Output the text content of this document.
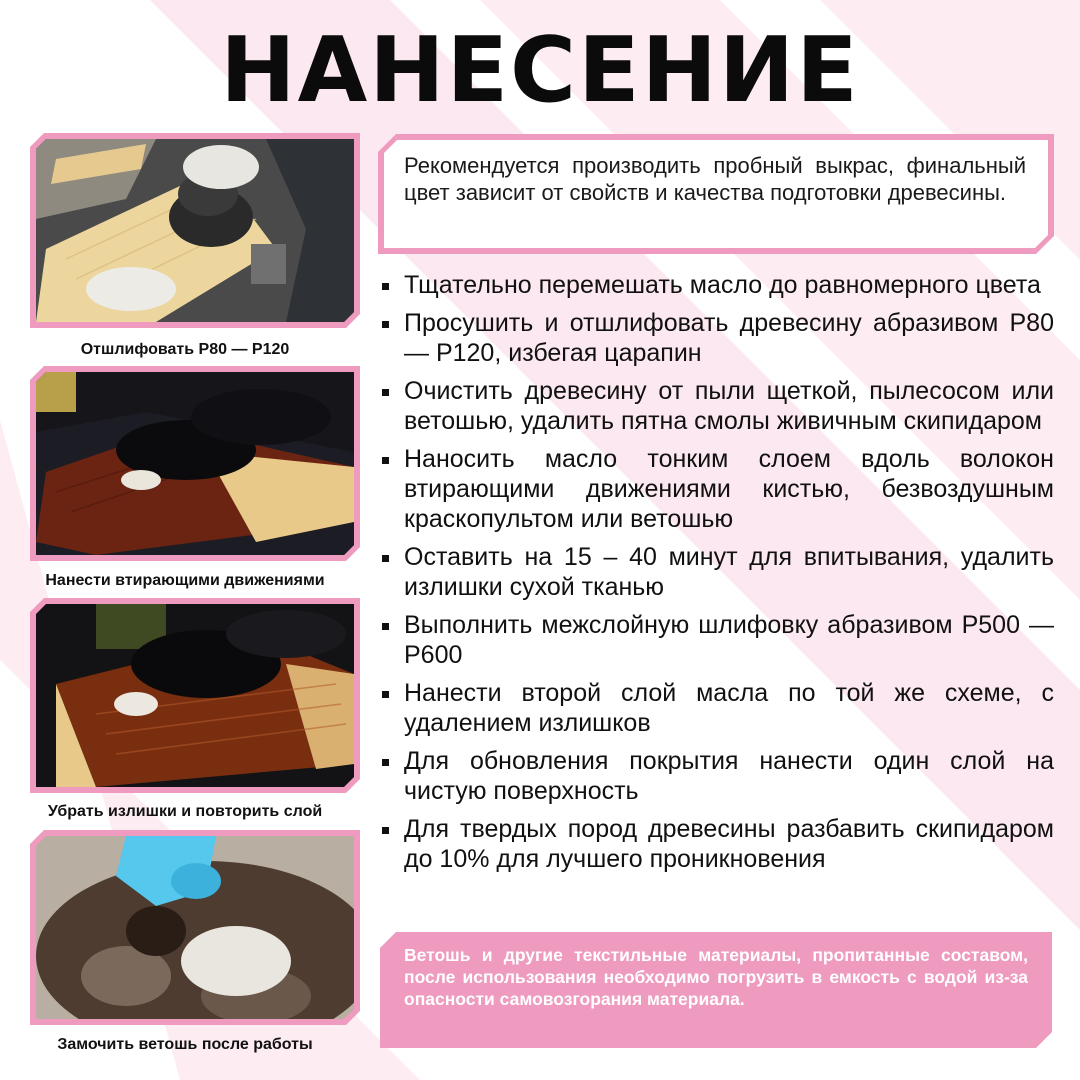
НАНЕСЕНИЕ
Отшлифовать Р80 — Р120
Нанести втирающими движениями
Убрать излишки и повторить слой
Замочить ветошь после работы
Рекомендуется производить пробный выкрас, финальный цвет зависит от свойств и качества подготовки древесины.
Тщательно перемешать масло до равномерного цвета
Просушить и отшлифовать древесину абразивом Р80 — Р120, избегая царапин
Очистить древесину от пыли щеткой, пылесосом или ветошью, удалить пятна смолы живичным скипидаром
Наносить масло тонким слоем вдоль волокон втирающими движениями кистью, безвоздушным краскопультом или ветошью
Оставить на 15 – 40 минут для впитывания, удалить излишки сухой тканью
Выполнить межслойную шлифовку абразивом Р500 — Р600
Нанести второй слой масла по той же схеме, с удалением излишков
Для обновления покрытия нанести один слой на чистую поверхность
Для твердых пород древесины разбавить скипидаром до 10% для лучшего проникновения
Ветошь и другие текстильные материалы, пропитанные составом, после использования необходимо погрузить в емкость с водой из-за опасности самовозгорания материала.
